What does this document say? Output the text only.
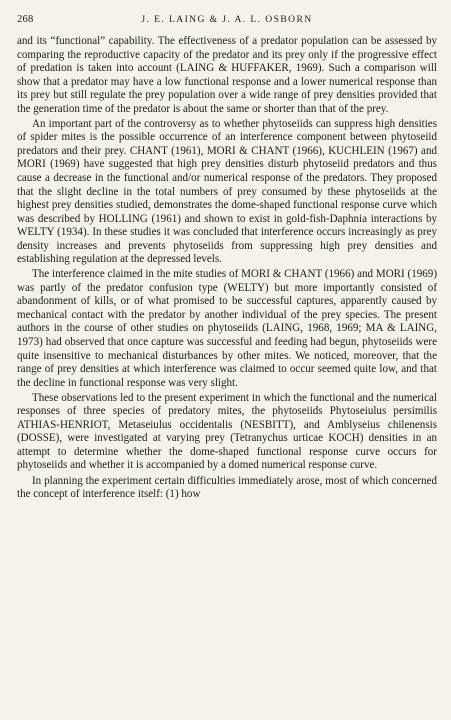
268	J. E. LAING & J. A. L. OSBORN

and its “functional” capability. The effectiveness of a predator population can be assessed by comparing the reproductive capacity of the predator and its prey only if the progressive effect of predation is taken into account (LAING & HUFFAKER, 1969). Such a comparison will show that a predator may have a low functional response and a lower numerical response than its prey but still regulate the prey population over a wide range of prey densities provided that the generation time of the predator is about the same or shorter than that of the prey.

An important part of the controversy as to whether phytoseiids can suppress high densities of spider mites is the possible occurrence of an interference component between phytoseiid predators and their prey. CHANT (1961), MORI & CHANT (1966), KUCHLEIN (1967) and MORI (1969) have suggested that high prey densities disturb phytoseiid predators and thus cause a decrease in the functional and/or numerical response of the predators. They proposed that the slight decline in the total numbers of prey consumed by these phytoseiids at the highest prey densities studied, demonstrates the dome-shaped functional response curve which was described by HOLLING (1961) and shown to exist in gold-fish-Daphnia interactions by WELTY (1934). In these studies it was concluded that interference occurs increasingly as prey density increases and prevents phytoseiids from suppressing high prey densities and establishing regulation at the depressed levels.

The interference claimed in the mite studies of MORI & CHANT (1966) and MORI (1969) was partly of the predator confusion type (WELTY) but more importantly consisted of abandonment of kills, or of what promised to be successful captures, apparently caused by mechanical contact with the predator by another individual of the prey species. The present authors in the course of other studies on phytoseiids (LAING, 1968, 1969; MA & LAING, 1973) had observed that once capture was successful and feeding had begun, phytoseiids were quite insensitive to mechanical disturbances by other mites. We noticed, moreover, that the range of prey densities at which interference was claimed to occur seemed quite low, and that the decline in functional response was very slight.

These observations led to the present experiment in which the functional and the numerical responses of three species of predatory mites, the phytoseiids Phytoseiulus persimilis ATHIAS-HENRIOT, Metaseiulus occidentalis (NESBITT), and Amblyseius chilenensis (DOSSE), were investigated at varying prey (Tetranychus urticae KOCH) densities in an attempt to determine whether the dome-shaped functional response curve occurs for phytoseiids and whether it is accompanied by a domed numerical response curve.

In planning the experiment certain difficulties immediately arose, most of which concerned the concept of interference itself: (1) how
